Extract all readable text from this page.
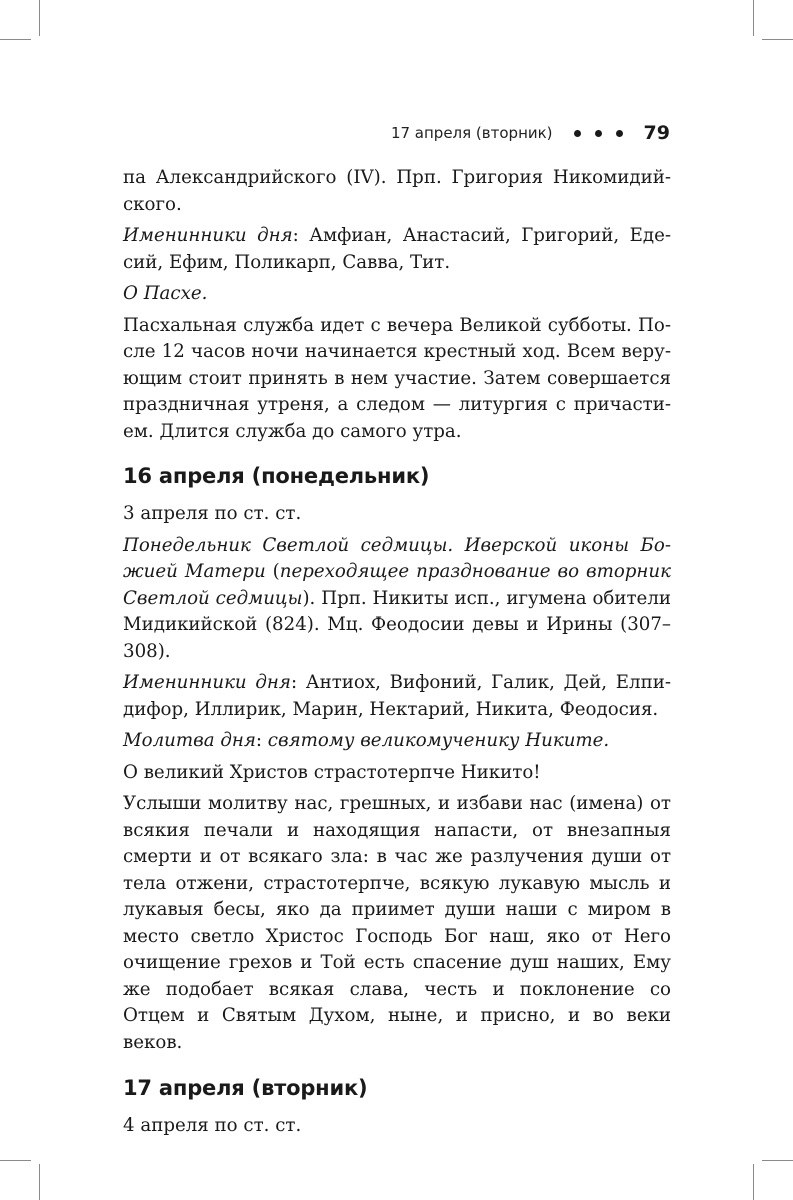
17 апреля (вторник)	79

па Александрийского (IV). Прп. Григория Никомидийского.

Именинники дня: Амфиан, Анастасий, Григорий, Едесий, Ефим, Поликарп, Савва, Тит.

О Пасхе.

Пасхальная служба идет с вечера Великой субботы. После 12 часов ночи начинается крестный ход. Всем верующим стоит принять в нем участие. Затем совершается праздничная утреня, а следом — литургия с причастием. Длится служба до самого утра.

16 апреля (понедельник)

3 апреля по ст. ст.

Понедельник Светлой седмицы. Иверской иконы Божией Матери (переходящее празднование во вторник Светлой седмицы). Прп. Никиты исп., игумена обители Мидикийской (824). Мц. Феодосии девы и Ирины (307–308).

Именинники дня: Антиох, Вифоний, Галик, Дей, Елпидифор, Иллирик, Марин, Нектарий, Никита, Феодосия.

Молитва дня: святому великомученику Никите.

О великий Христов страстотерпче Никито!

Услыши молитву нас, грешных, и избави нас (имена) от всякия печали и находящия напасти, от внезапныя смерти и от всякаго зла: в час же разлучения души от тела отжени, страстотерпче, всякую лукавую мысль и лукавыя бесы, яко да приимет души наши с миром в место светло Христос Господь Бог наш, яко от Него очищение грехов и Той есть спасение душ наших, Ему же подобает всякая слава, честь и поклонение со Отцем и Святым Духом, ныне, и присно, и во веки веков.

17 апреля (вторник)

4 апреля по ст. ст.
